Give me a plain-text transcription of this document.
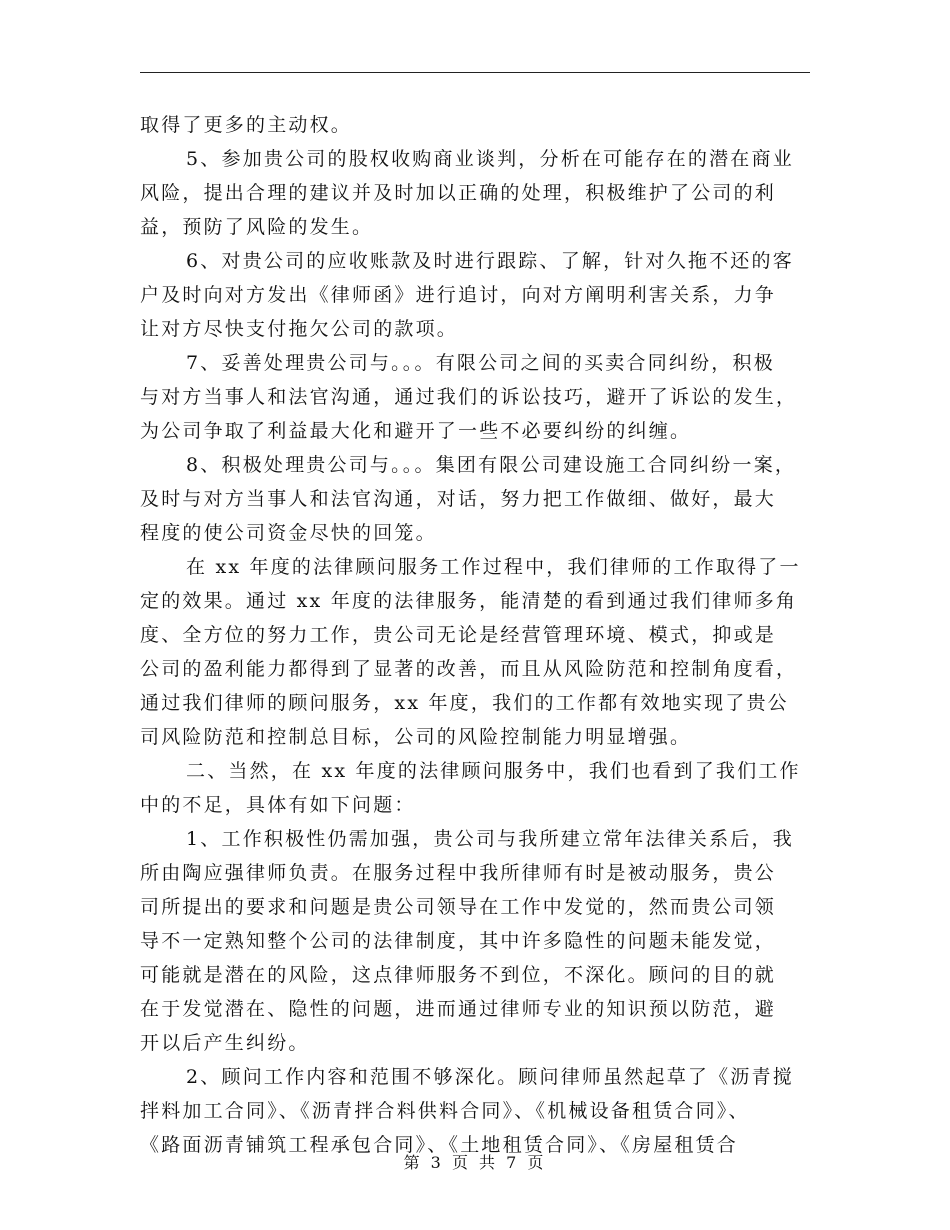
取得了更多的主动权。
5、参加贵公司的股权收购商业谈判，分析在可能存在的潜在商业
风险，提出合理的建议并及时加以正确的处理，积极维护了公司的利
益，预防了风险的发生。
6、对贵公司的应收账款及时进行跟踪、了解，针对久拖不还的客
户及时向对方发出《律师函》进行追讨，向对方阐明利害关系，力争
让对方尽快支付拖欠公司的款项。
7、妥善处理贵公司与。。。有限公司之间的买卖合同纠纷，积极
与对方当事人和法官沟通，通过我们的诉讼技巧，避开了诉讼的发生，
为公司争取了利益最大化和避开了一些不必要纠纷的纠缠。
8、积极处理贵公司与。。。集团有限公司建设施工合同纠纷一案，
及时与对方当事人和法官沟通，对话，努力把工作做细、做好，最大
程度的使公司资金尽快的回笼。
在 xx 年度的法律顾问服务工作过程中，我们律师的工作取得了一
定的效果。通过 xx 年度的法律服务，能清楚的看到通过我们律师多角
度、全方位的努力工作，贵公司无论是经营管理环境、模式，抑或是
公司的盈利能力都得到了显著的改善，而且从风险防范和控制角度看，
通过我们律师的顾问服务，xx 年度，我们的工作都有效地实现了贵公
司风险防范和控制总目标，公司的风险控制能力明显增强。
二、当然，在 xx 年度的法律顾问服务中，我们也看到了我们工作
中的不足，具体有如下问题：
1、工作积极性仍需加强，贵公司与我所建立常年法律关系后，我
所由陶应强律师负责。在服务过程中我所律师有时是被动服务，贵公
司所提出的要求和问题是贵公司领导在工作中发觉的，然而贵公司领
导不一定熟知整个公司的法律制度，其中许多隐性的问题未能发觉，
可能就是潜在的风险，这点律师服务不到位，不深化。顾问的目的就
在于发觉潜在、隐性的问题，进而通过律师专业的知识预以防范，避
开以后产生纠纷。
2、顾问工作内容和范围不够深化。顾问律师虽然起草了《沥青搅
拌料加工合同》、《沥青拌合料供料合同》、《机械设备租赁合同》、
《路面沥青铺筑工程承包合同》、《土地租赁合同》、《房屋租赁合
第 3 页 共 7 页
